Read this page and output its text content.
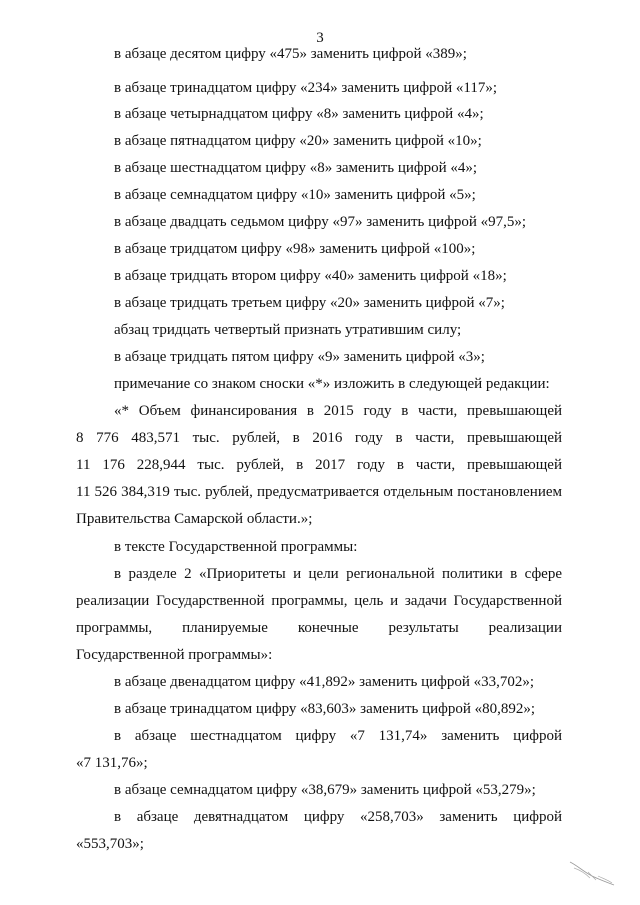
3
в абзаце десятом цифру «475» заменить цифрой «389»;
в абзаце тринадцатом цифру «234» заменить цифрой «117»;
в абзаце четырнадцатом цифру «8» заменить цифрой «4»;
в абзаце пятнадцатом цифру «20» заменить цифрой «10»;
в абзаце шестнадцатом цифру «8» заменить цифрой «4»;
в абзаце семнадцатом цифру «10» заменить цифрой «5»;
в абзаце двадцать седьмом цифру «97» заменить цифрой «97,5»;
в абзаце тридцатом цифру «98» заменить цифрой «100»;
в абзаце тридцать втором цифру «40» заменить цифрой «18»;
в абзаце тридцать третьем цифру «20» заменить цифрой «7»;
абзац тридцать четвертый признать утратившим силу;
в абзаце тридцать пятом цифру «9» заменить цифрой «3»;
примечание со знаком сноски «*» изложить в следующей редакции:
«* Объем финансирования в 2015 году в части, превышающей
8 776 483,571 тыс. рублей, в 2016 году в части, превышающей
11 176 228,944 тыс. рублей, в 2017 году в части, превышающей
11 526 384,319 тыс. рублей, предусматривается отдельным постановлением
Правительства Самарской области.»;
в тексте Государственной программы:
в разделе 2 «Приоритеты и цели региональной политики в сфере
реализации Государственной программы, цель и задачи Государственной
программы, планируемые конечные результаты реализации
Государственной программы»:
в абзаце двенадцатом цифру «41,892» заменить цифрой «33,702»;
в абзаце тринадцатом цифру «83,603» заменить цифрой «80,892»;
в абзаце шестнадцатом цифру «7 131,74» заменить цифрой
«7 131,76»;
в абзаце семнадцатом цифру «38,679» заменить цифрой «53,279»;
в абзаце девятнадцатом цифру «258,703» заменить цифрой
«553,703»;
